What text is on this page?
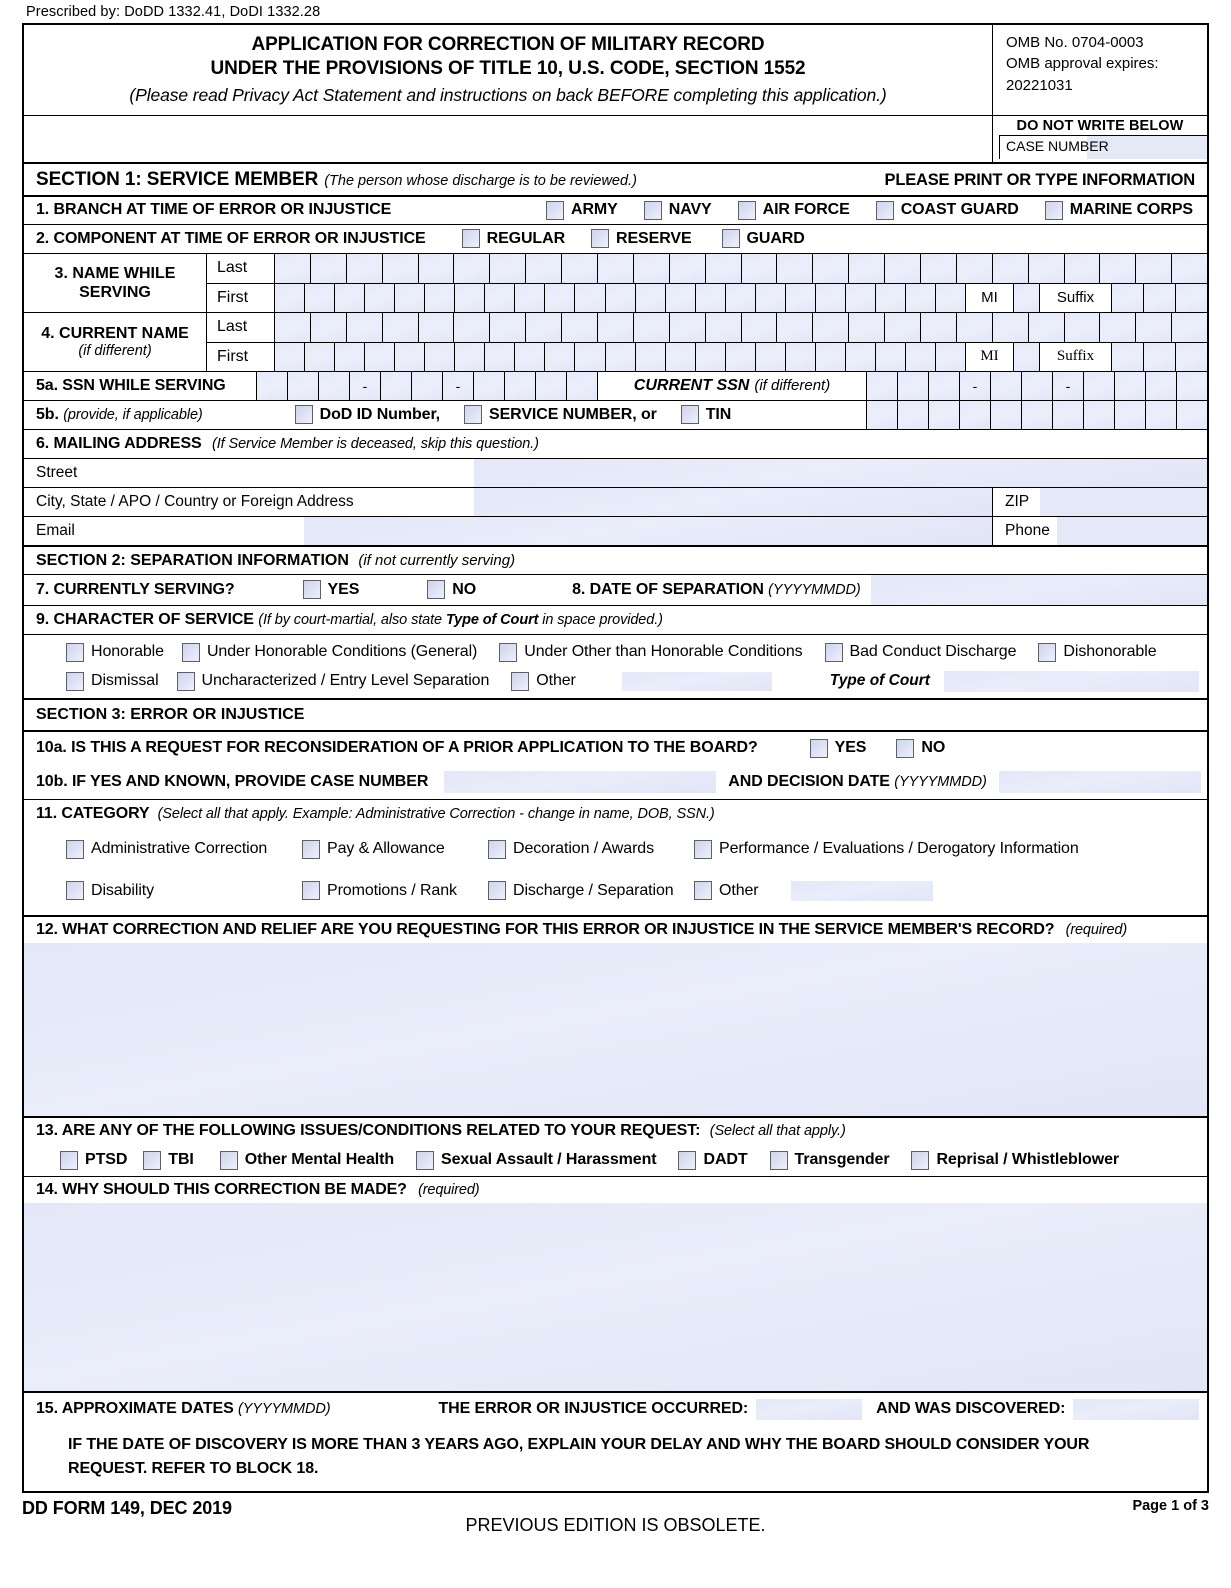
Prescribed by: DoDD 1332.41, DoDI 1332.28
APPLICATION FOR CORRECTION OF MILITARY RECORD
UNDER THE PROVISIONS OF TITLE 10, U.S. CODE, SECTION 1552
(Please read Privacy Act Statement and instructions on back BEFORE completing this application.)
OMB No. 0704-0003
OMB approval expires:
20221031
DO NOT WRITE BELOW
CASE NUMBER
SECTION 1: SERVICE MEMBER (The person whose discharge is to be reviewed.)	PLEASE PRINT OR TYPE INFORMATION
1. BRANCH AT TIME OF ERROR OR INJUSTICE	ARMY	NAVY	AIR FORCE	COAST GUARD	MARINE CORPS
2. COMPONENT AT TIME OF ERROR OR INJUSTICE	REGULAR	RESERVE	GUARD
3. NAME WHILE
SERVING
Last
First	MI	Suffix
4. CURRENT NAME
(if different)
Last
First	MI	Suffix
5a. SSN WHILE SERVING	-	-	CURRENT SSN (if different)	-	-
5b. (provide, if applicable)	DoD ID Number,	SERVICE NUMBER, or	TIN
6. MAILING ADDRESS (If Service Member is deceased, skip this question.)
Street
City, State / APO / Country or Foreign Address	ZIP
Email	Phone
SECTION 2: SEPARATION INFORMATION (if not currently serving)
7. CURRENTLY SERVING?	YES	NO	8. DATE OF SEPARATION (YYYYMMDD)
9. CHARACTER OF SERVICE (If by court-martial, also state Type of Court in space provided.)
Honorable	Under Honorable Conditions (General)	Under Other than Honorable Conditions	Bad Conduct Discharge	Dishonorable
Dismissal	Uncharacterized / Entry Level Separation	Other	Type of Court
SECTION 3: ERROR OR INJUSTICE
10a. IS THIS A REQUEST FOR RECONSIDERATION OF A PRIOR APPLICATION TO THE BOARD?	YES	NO
10b. IF YES AND KNOWN, PROVIDE CASE NUMBER	AND DECISION DATE (YYYYMMDD)
11. CATEGORY (Select all that apply. Example: Administrative Correction - change in name, DOB, SSN.)
Administrative Correction	Pay & Allowance	Decoration / Awards	Performance / Evaluations / Derogatory Information
Disability	Promotions / Rank	Discharge / Separation	Other
12. WHAT CORRECTION AND RELIEF ARE YOU REQUESTING FOR THIS ERROR OR INJUSTICE IN THE SERVICE MEMBER'S RECORD? (required)
13. ARE ANY OF THE FOLLOWING ISSUES/CONDITIONS RELATED TO YOUR REQUEST: (Select all that apply.)
PTSD	TBI	Other Mental Health	Sexual Assault / Harassment	DADT	Transgender	Reprisal / Whistleblower
14. WHY SHOULD THIS CORRECTION BE MADE? (required)
15. APPROXIMATE DATES (YYYYMMDD)	THE ERROR OR INJUSTICE OCCURRED:	AND WAS DISCOVERED:
IF THE DATE OF DISCOVERY IS MORE THAN 3 YEARS AGO, EXPLAIN YOUR DELAY AND WHY THE BOARD SHOULD CONSIDER YOUR
REQUEST. REFER TO BLOCK 18.
DD FORM 149, DEC 2019	Page 1 of 3
PREVIOUS EDITION IS OBSOLETE.
